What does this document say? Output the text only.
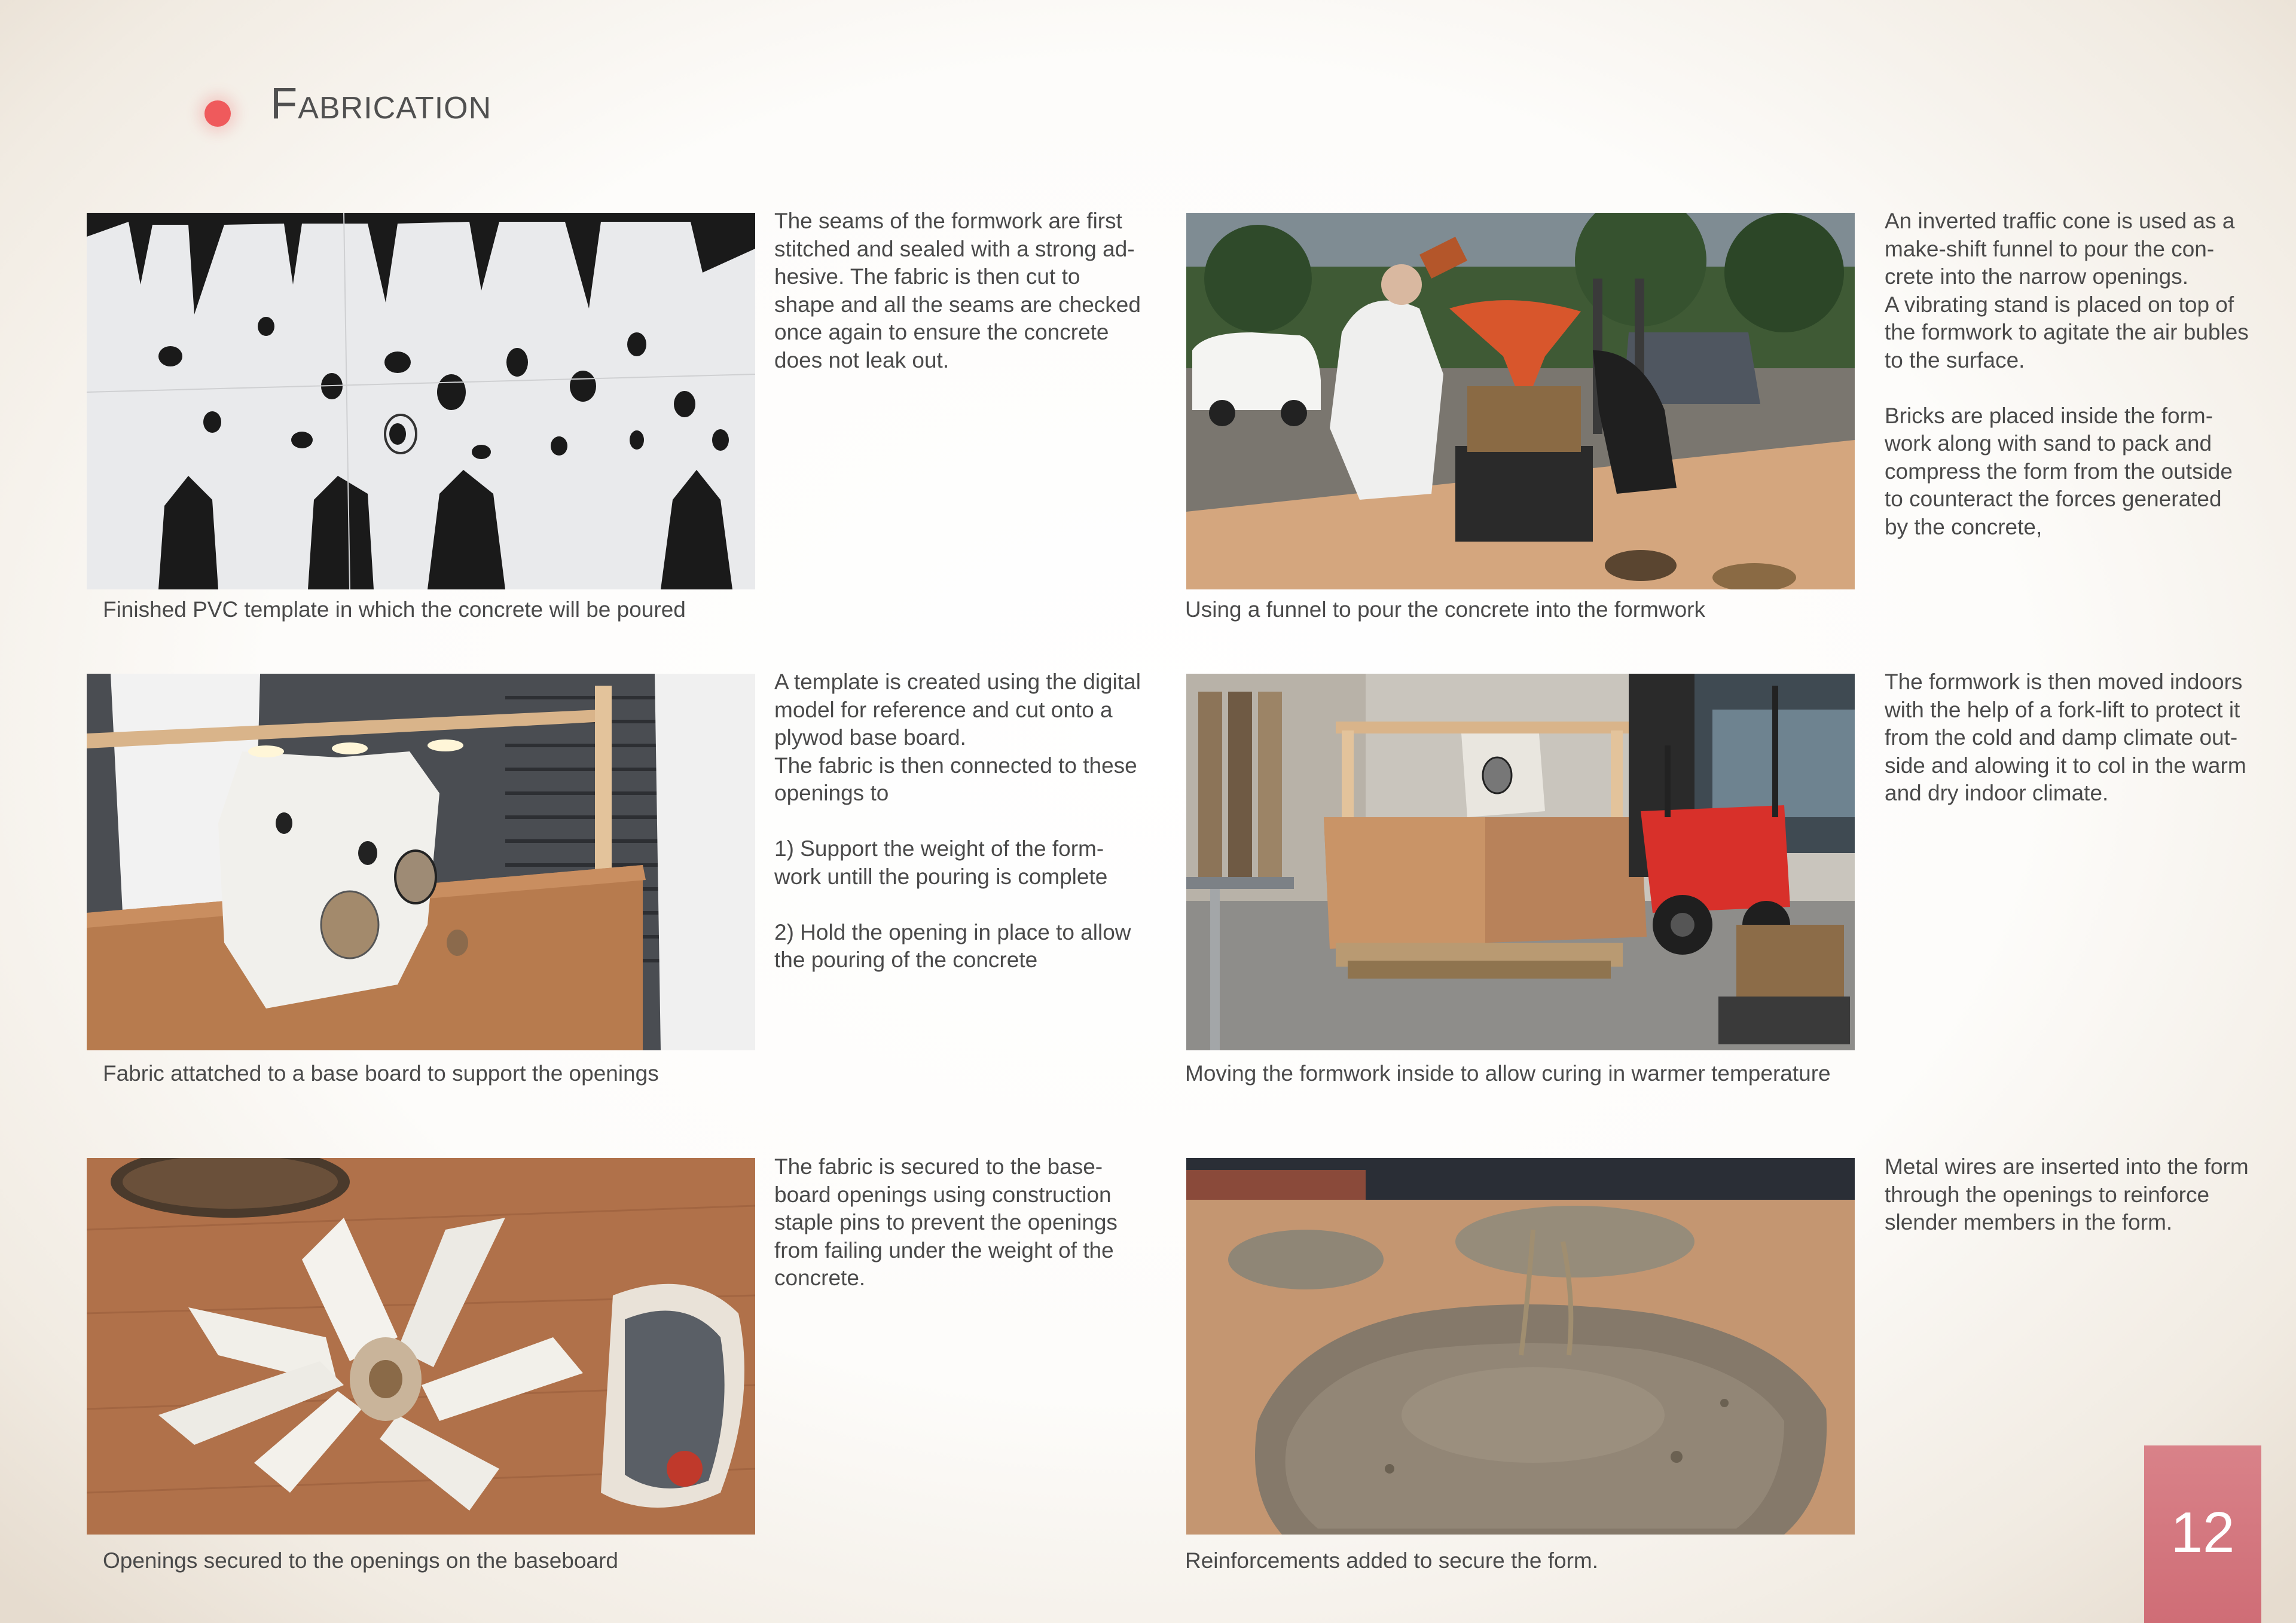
Fabrication
Finished PVC template in which the concrete will be poured
The seams of the formwork are first
stitched and sealed with a strong ad-
hesive. The fabric is then cut to
shape and all the seams are checked
once again to ensure the concrete
does not leak out.
Using a funnel to pour the concrete into the formwork
An inverted traffic cone is used as a
make-shift funnel to pour the con-
crete into the narrow openings.
A vibrating stand is placed on top of
the formwork to agitate the air bubles
to the surface.
Bricks are placed inside the form-
work along with sand to pack and
compress the form from the outside
to counteract the forces generated
by the concrete,
Fabric attatched to a base board to support the openings
A template is created using the digital
model for reference and cut onto a
plywod base board.
The fabric is then connected to these
openings to
1) Support the weight of the form-
work untill the pouring is complete
2) Hold the opening in place to allow
the pouring of the concrete
Moving the formwork inside to allow curing in warmer temperature
The formwork is then moved indoors
with the help of a fork-lift to protect it
from the cold and damp climate out-
side and alowing it to col in the warm
and dry indoor climate.
Openings secured to the openings on the baseboard
The fabric is secured to the base-
board openings using construction
staple pins to prevent the openings
from failing under the weight of the
concrete.
Reinforcements added to secure the form.
Metal wires are inserted into the form
through the openings to reinforce
slender members in the form.
12
